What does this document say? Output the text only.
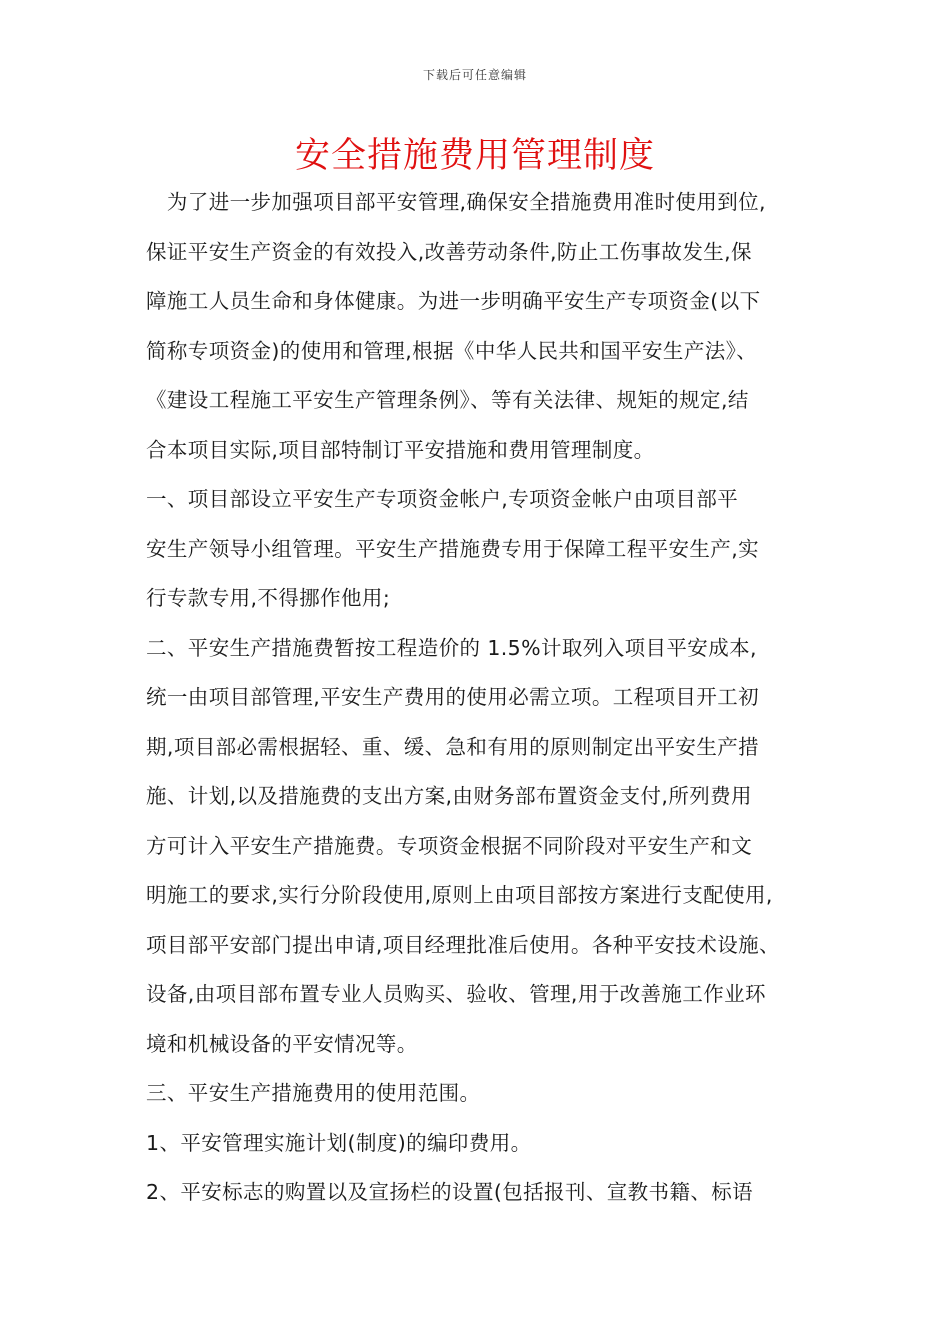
下载后可任意编辑
安全措施费用管理制度
　为了进一步加强项目部平安管理,确保安全措施费用准时使用到位,
保证平安生产资金的有效投入,改善劳动条件,防止工伤事故发生,保
障施工人员生命和身体健康。为进一步明确平安生产专项资金(以下
简称专项资金)的使用和管理,根据《中华人民共和国平安生产法》、
《建设工程施工平安生产管理条例》、等有关法律、规矩的规定,结
合本项目实际,项目部特制订平安措施和费用管理制度。
一、项目部设立平安生产专项资金帐户,专项资金帐户由项目部平
安生产领导小组管理。平安生产措施费专用于保障工程平安生产,实
行专款专用,不得挪作他用;
二、平安生产措施费暂按工程造价的 1.5%计取列入项目平安成本,
统一由项目部管理,平安生产费用的使用必需立项。工程项目开工初
期,项目部必需根据轻、重、缓、急和有用的原则制定出平安生产措
施、计划,以及措施费的支出方案,由财务部布置资金支付,所列费用
方可计入平安生产措施费。专项资金根据不同阶段对平安生产和文
明施工的要求,实行分阶段使用,原则上由项目部按方案进行支配使用,
项目部平安部门提出申请,项目经理批准后使用。各种平安技术设施、
设备,由项目部布置专业人员购买、验收、管理,用于改善施工作业环
境和机械设备的平安情况等。
三、平安生产措施费用的使用范围。
1、平安管理实施计划(制度)的编印费用。
2、平安标志的购置以及宣扬栏的设置(包括报刊、宣教书籍、标语
